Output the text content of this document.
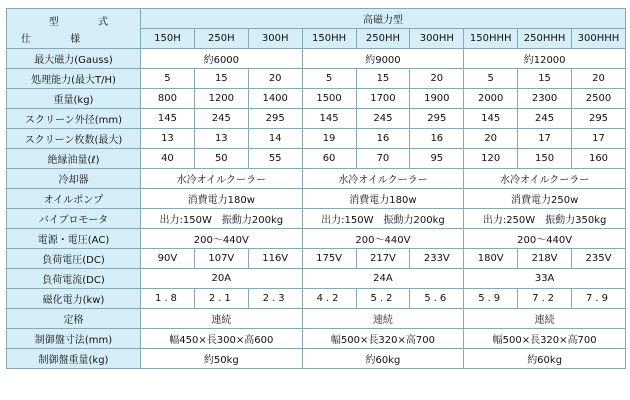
型 式
仕 様	高磁力型								
	150H	250H	300H	150HH	250HH	300HH	150HHH	250HHH	300HHH
最大磁力(Gauss)	約6000			約9000			約12000		
処理能力(最大T/H)	5	15	20	5	15	20	5	15	20
重量(kg)	800	1200	1400	1500	1700	1900	2000	2300	2500
スクリーン外径(mm)	145	245	295	145	245	295	145	245	295
スクリーン枚数(最大)	13	13	14	19	16	16	20	17	17
絶縁油量(ℓ)	40	50	55	60	70	95	120	150	160
冷却器	水冷オイルクーラー			水冷オイルクーラー			水冷オイルクーラー		
オイルポンプ	消費電力180w			消費電力180w			消費電力250w		
バイブロモータ	出力:150W　振動力200kg			出力:150W　振動力200kg			出力:250W　振動力350kg		
電源・電圧(AC)	200〜440V			200〜440V			200〜440V		
負荷電圧(DC)	90V	107V	116V	175V	217V	233V	180V	218V	235V
負荷電流(DC)	20A			24A			33A		
磁化電力(kw)	1.8	2.1	2.3	4.2	5.2	5.6	5.9	7.2	7.9
定格	連続			連続			連続		
制御盤寸法(mm)	幅450×長300×高600			幅500×長320×高700			幅500×長320×高700		
制御盤重量(kg)	約50kg			約60kg			約60kg		
